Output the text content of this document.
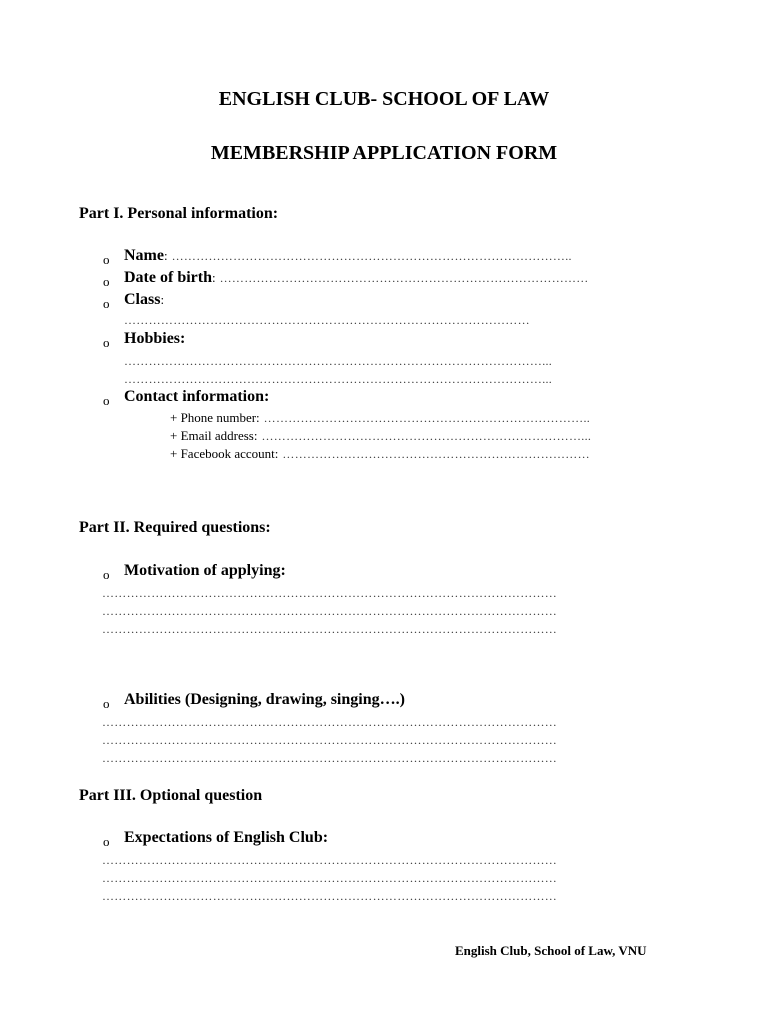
ENGLISH CLUB- SCHOOL OF LAW
MEMBERSHIP APPLICATION FORM
Part I. Personal information:
o Name: ……………………………………………………………………………………..
o Date of birth: ………………………………………………………………………………
o Class:
………………………………………………………………………………………
o Hobbies:
…………………………………………………………………………………………...
…………………………………………………………………………………………...
o Contact information:
+ Phone number: ……………………………………………………………………..
+ Email address: ……………………………………………………………………...
+ Facebook account: …………………………………………………………………
Part II. Required questions:
o Motivation of applying:
…………………………………………………………………………………………………
…………………………………………………………………………………………………
…………………………………………………………………………………………………
o Abilities (Designing, drawing, singing….)
…………………………………………………………………………………………………
…………………………………………………………………………………………………
…………………………………………………………………………………………………
Part III. Optional question
o Expectations of English Club:
…………………………………………………………………………………………………
…………………………………………………………………………………………………
…………………………………………………………………………………………………
English Club, School of Law, VNU
